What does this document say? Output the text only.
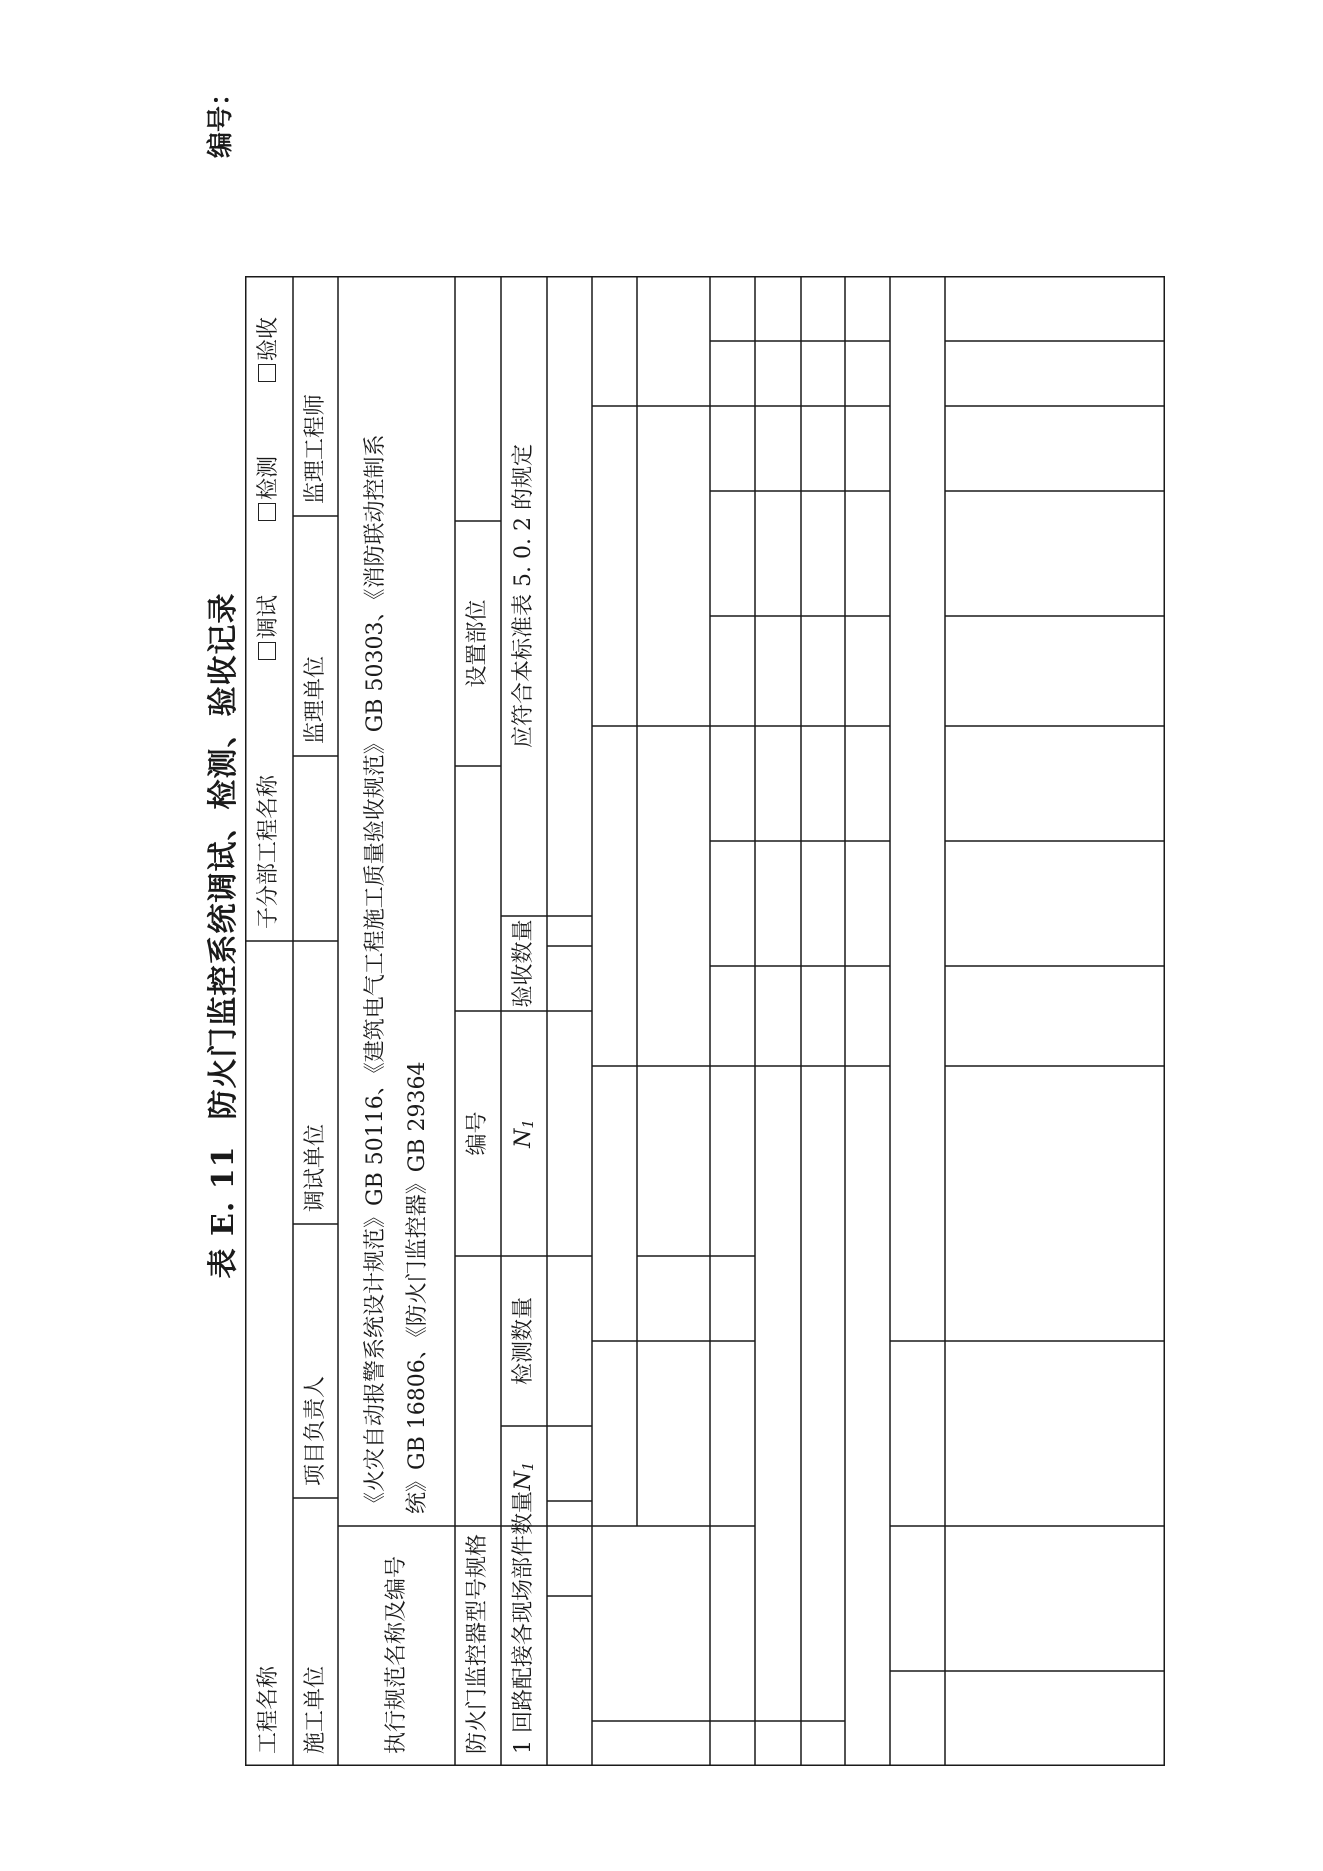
表 E. 11防火门监控系统调试、检测、验收记录
编号：
工程名称
子分部工程名称
调试
检测
验收
施工单位
项目负责人
调试单位
监理单位
监理工程师
执行规范名称及编号
《火灾自动报警系统设计规范》GB 50116、《建筑电气工程施工质量验收规范》GB 50303、《消防联动控制系 统》GB 16806、《防火门监控器》GB 29364
防火门监控器型号规格
编号
设置部位
1 回路配接各现场部件数量
N
1
检测数量
N
1
验收数量
应符合本标准表 5. 0. 2 的规定
